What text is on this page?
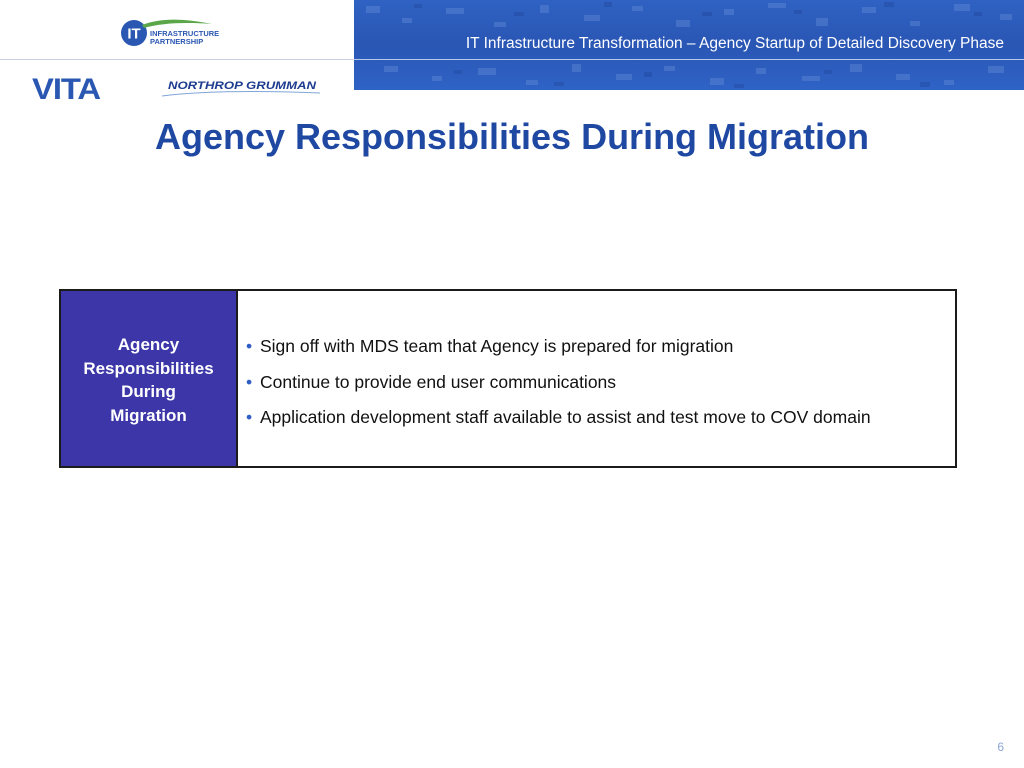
IT INFRASTRUCTURE
PARTNERSHIP
VITA	NORTHROP GRUMMAN
IT Infrastructure Transformation – Agency Startup of Detailed Discovery Phase
Agency Responsibilities During Migration
Agency
Responsibilities
During
Migration
• Sign off with MDS team that Agency is prepared for migration
• Continue to provide end user communications
• Application development staff available to assist and test move to COV domain
6
